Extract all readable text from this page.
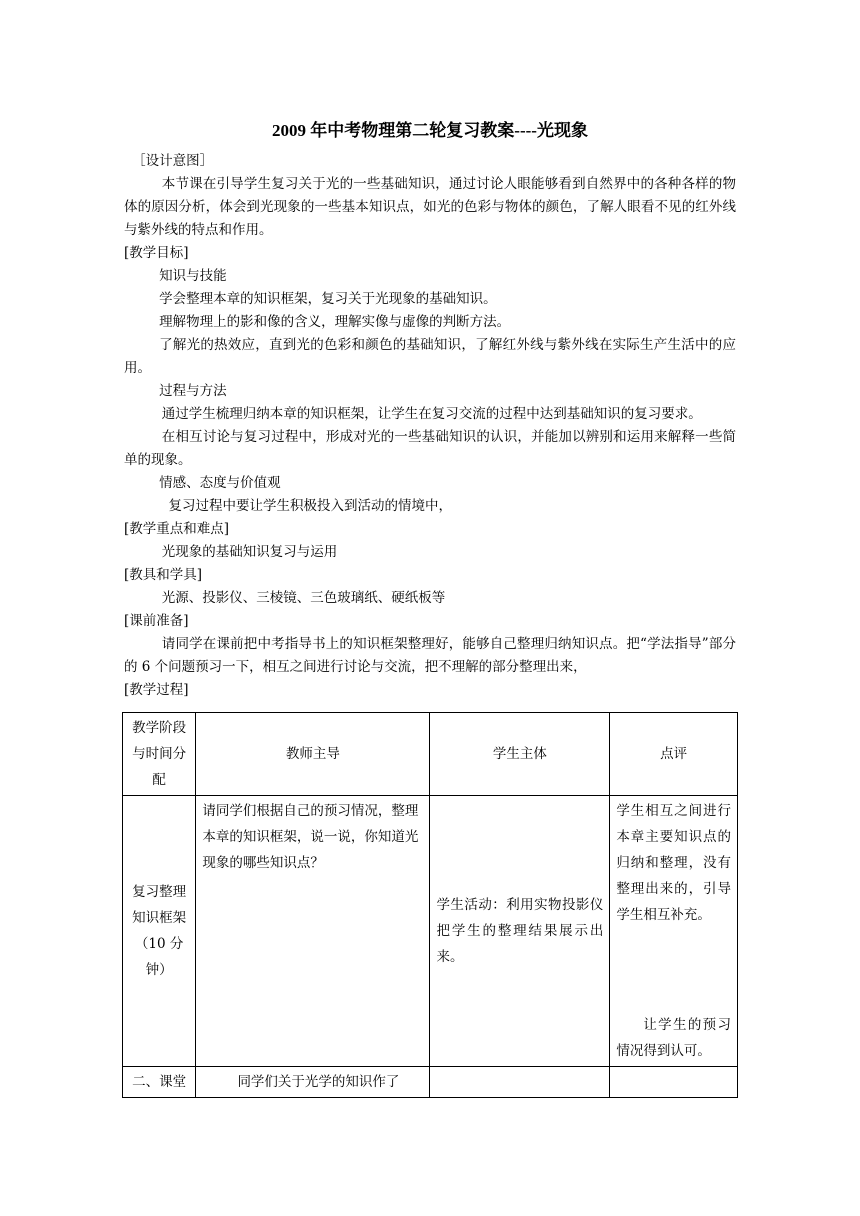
2009 年中考物理第二轮复习教案----光现象

［设计意图］

本节课在引导学生复习关于光的一些基础知识，通过讨论人眼能够看到自然界中的各种各样的物体的原因分析，体会到光现象的一些基本知识点，如光的色彩与物体的颜色，了解人眼看不见的红外线与紫外线的特点和作用。

[教学目标]

知识与技能

学会整理本章的知识框架，复习关于光现象的基础知识。

理解物理上的影和像的含义，理解实像与虚像的判断方法。

了解光的热效应，直到光的色彩和颜色的基础知识，了解红外线与紫外线在实际生产生活中的应用。

过程与方法

通过学生梳理归纳本章的知识框架，让学生在复习交流的过程中达到基础知识的复习要求。

在相互讨论与复习过程中，形成对光的一些基础知识的认识，并能加以辨别和运用来解释一些简单的现象。

情感、态度与价值观

复习过程中要让学生积极投入到活动的情境中，

[教学重点和难点]

光现象的基础知识复习与运用

[教具和学具]

光源、投影仪、三棱镜、三色玻璃纸、硬纸板等

[课前准备]

请同学在课前把中考指导书上的知识框架整理好，能够自己整理归纳知识点。把“学法指导”部分的 6 个问题预习一下，相互之间进行讨论与交流，把不理解的部分整理出来，

[教学过程]

教学阶段与时间分配	教师主导	学生主体	点评
复习整理知识框架（10 分钟）	请同学们根据自己的预习情况，整理本章的知识框架，说一说，你知道光现象的哪些知识点？	学生活动：利用实物投影仪把学生的整理结果展示出来。	学生相互之间进行本章主要知识点的归纳和整理，没有整理出来的，引导学生相互补充。
让学生的预习情况得到认可。

二、课堂	同学们关于光学的知识作了		
